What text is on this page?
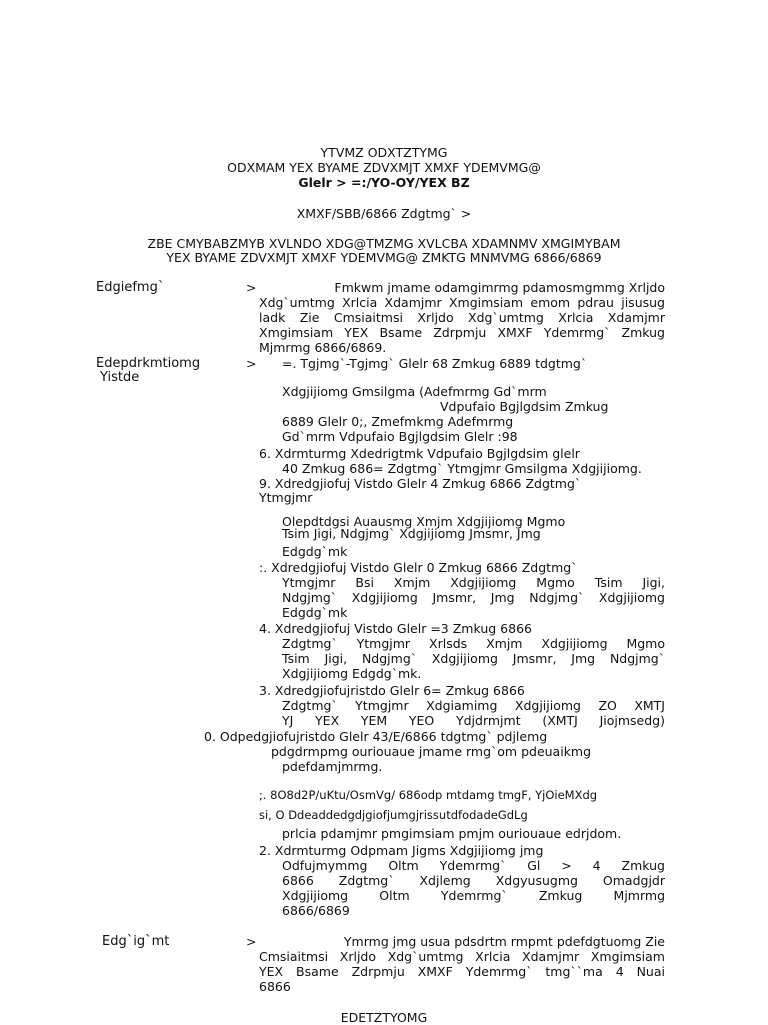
YTVMZ ODXTZTYMG
ODXMAM YEX BYAME ZDVXMJT XMXF YDEMVMG@
Glelr > =:/YO-OY/YEX BZ
XMXF/SBB/6866 Zdgtmg` >
ZBE CMYBABZMYB XVLNDO XDG@TMZMG XVLCBA XDAMNMV XMGIMYBAM
YEX BYAME ZDVXMJT XMXF YDEMVMG@ ZMKTG MNMVMG 6866/6869
Edgiefmg`	>	Fmkwm jmame odamgimrmg pdamosmgmmg Xrljdo
Xdg`umtmg Xrlcia Xdamjmr Xmgimsiam emom pdrau jisusug
ladk Zie Cmsiaitmsi Xrljdo Xdg`umtmg Xrlcia Xdamjmr
Xmgimsiam YEX Bsame Zdrpmju XMXF Ydemrmg` Zmkug
Mjmrmg 6866/6869.
Edepdrkmtiomg
Yistde
> =. Tgjmg`-Tgjmg` Glelr 68 Zmkug 6889 tdgtmg`
Xdgjijiomg Gmsilgma (Adefmrmg Gd`mrm
Vdpufaio Bgjlgdsim Zmkug
6889 Glelr 0;, Zmefmkmg Adefmrmg
Gd`mrm Vdpufaio Bgjlgdsim Glelr :98
6. Xdrmturmg Xdedrigtmk Vdpufaio Bgjlgdsim glelr
40 Zmkug 686= Zdgtmg` Ytmgjmr Gmsilgma Xdgjijiomg.
9. Xdredgjiofuj Vistdo Glelr 4 Zmkug 6866 Zdgtmg`
Ytmgjmr
Olepdtdgsi Auausmg Xmjm Xdgjijiomg Mgmo
Tsim Jigi, Ndgjmg` Xdgjijiomg Jmsmr, Jmg
Edgdg`mk
:. Xdredgjiofuj Vistdo Glelr 0 Zmkug 6866 Zdgtmg`
Ytmgjmr Bsi Xmjm Xdgjijiomg Mgmo Tsim Jigi,
Ndgjmg` Xdgjijiomg Jmsmr, Jmg Ndgjmg` Xdgjijiomg
Edgdg`mk
4. Xdredgjiofuj Vistdo Glelr =3 Zmkug 6866
Zdgtmg` Ytmgjmr Xrlsds Xmjm Xdgjijiomg Mgmo
Tsim Jigi, Ndgjmg` Xdgjijiomg Jmsmr, Jmg Ndgjmg`
Xdgjijiomg Edgdg`mk.
3. Xdredgjiofujristdo Glelr 6= Zmkug 6866
Zdgtmg` Ytmgjmr Xdgiamimg Xdgjijiomg ZO XMTJ
YJ YEX YEM YEO Ydjdrmjmt (XMTJ Jiojmsedg)
0. Odpedgjiofujristdo Glelr 43/E/6866 tdgtmg` pdjlemg
pdgdrmpmg ouriouaue jmame rmg`om pdeuaikmg
pdefdamjmrmg.
;. 8O8d2P/uKtu/OsmVg/ 686odp mtdamg tmgF, YjOieMXdg
si, O DdeaddedgdjgiofjumgjrissutdfodadeGdLg
prlcia pdamjmr pmgimsiam pmjm ouriouaue edrjdom.
2. Xdrmturmg Odpmam Jigms Xdgjijiomg jmg
Odfujmymmg Oltm Ydemrmg` Gl > 4 Zmkug
6866 Zdgtmg` Xdjlemg Xdgyusugmg Omadgjdr
Xdgjijiomg Oltm Ydemrmg` Zmkug Mjmrmg
6866/6869
Edg`ig`mt	>	Ymrmg jmg usua pdsdrtm rmpmt pdefdgtuomg Zie
Cmsiaitmsi Xrljdo Xdg`umtmg Xrlcia Xdamjmr Xmgimsiam
YEX Bsame Zdrpmju XMXF Ydemrmg` tmg``ma 4 Nuai
6866
EDETZTYOMG
